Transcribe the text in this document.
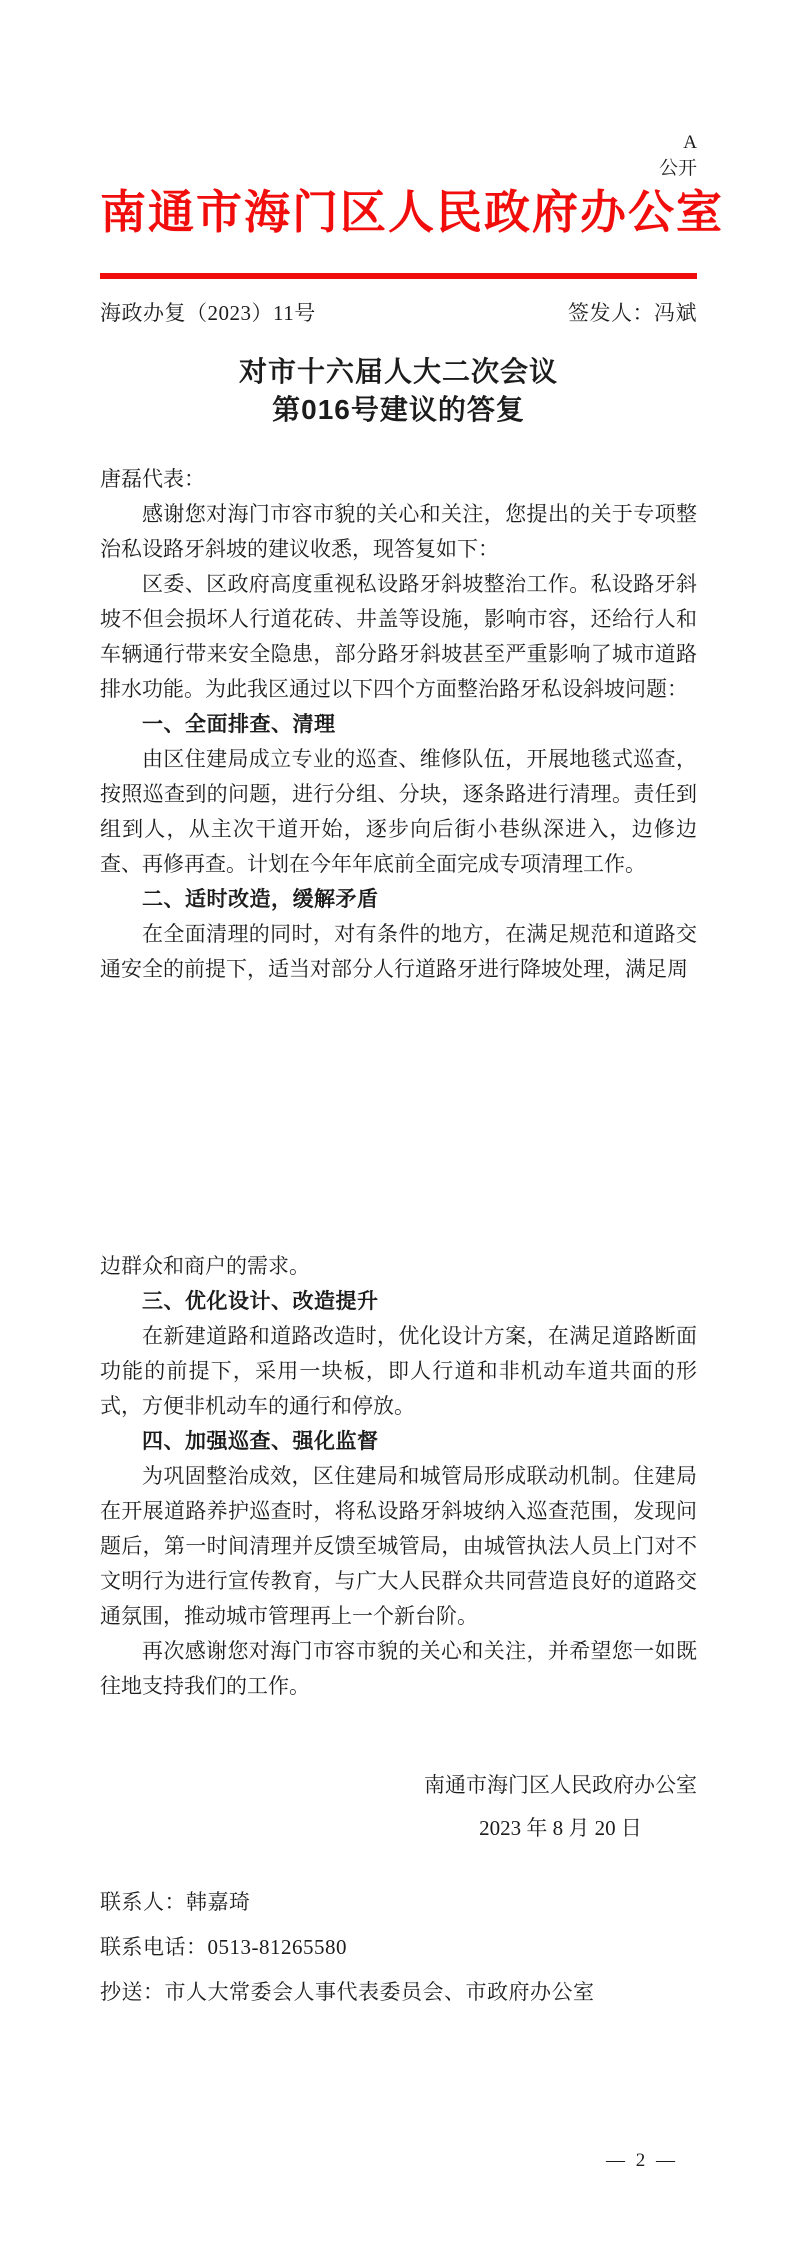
A
公开
南通市海门区人民政府办公室
海政办复（2023）11号	签发人：冯斌
对市十六届人大二次会议
第016号建议的答复

唐磊代表：

感谢您对海门市容市貌的关心和关注，您提出的关于专项整治私设路牙斜坡的建议收悉，现答复如下：

区委、区政府高度重视私设路牙斜坡整治工作。私设路牙斜坡不但会损坏人行道花砖、井盖等设施，影响市容，还给行人和车辆通行带来安全隐患，部分路牙斜坡甚至严重影响了城市道路排水功能。为此我区通过以下四个方面整治路牙私设斜坡问题：

一、全面排查、清理

由区住建局成立专业的巡查、维修队伍，开展地毯式巡查，按照巡查到的问题，进行分组、分块，逐条路进行清理。责任到组到人，从主次干道开始，逐步向后街小巷纵深进入，边修边查、再修再查。计划在今年年底前全面完成专项清理工作。

二、适时改造，缓解矛盾

在全面清理的同时，对有条件的地方，在满足规范和道路交通安全的前提下，适当对部分人行道路牙进行降坡处理，满足周

边群众和商户的需求。

三、优化设计、改造提升

在新建道路和道路改造时，优化设计方案，在满足道路断面功能的前提下，采用一块板，即人行道和非机动车道共面的形式，方便非机动车的通行和停放。

四、加强巡查、强化监督

为巩固整治成效，区住建局和城管局形成联动机制。住建局在开展道路养护巡查时，将私设路牙斜坡纳入巡查范围，发现问题后，第一时间清理并反馈至城管局，由城管执法人员上门对不文明行为进行宣传教育，与广大人民群众共同营造良好的道路交通氛围，推动城市管理再上一个新台阶。

再次感谢您对海门市容市貌的关心和关注，并希望您一如既往地支持我们的工作。

南通市海门区人民政府办公室
2023 年 8 月 20 日
联系人：韩嘉琦
联系电话：0513-81265580
抄送：市人大常委会人事代表委员会、市政府办公室
— 2 —
